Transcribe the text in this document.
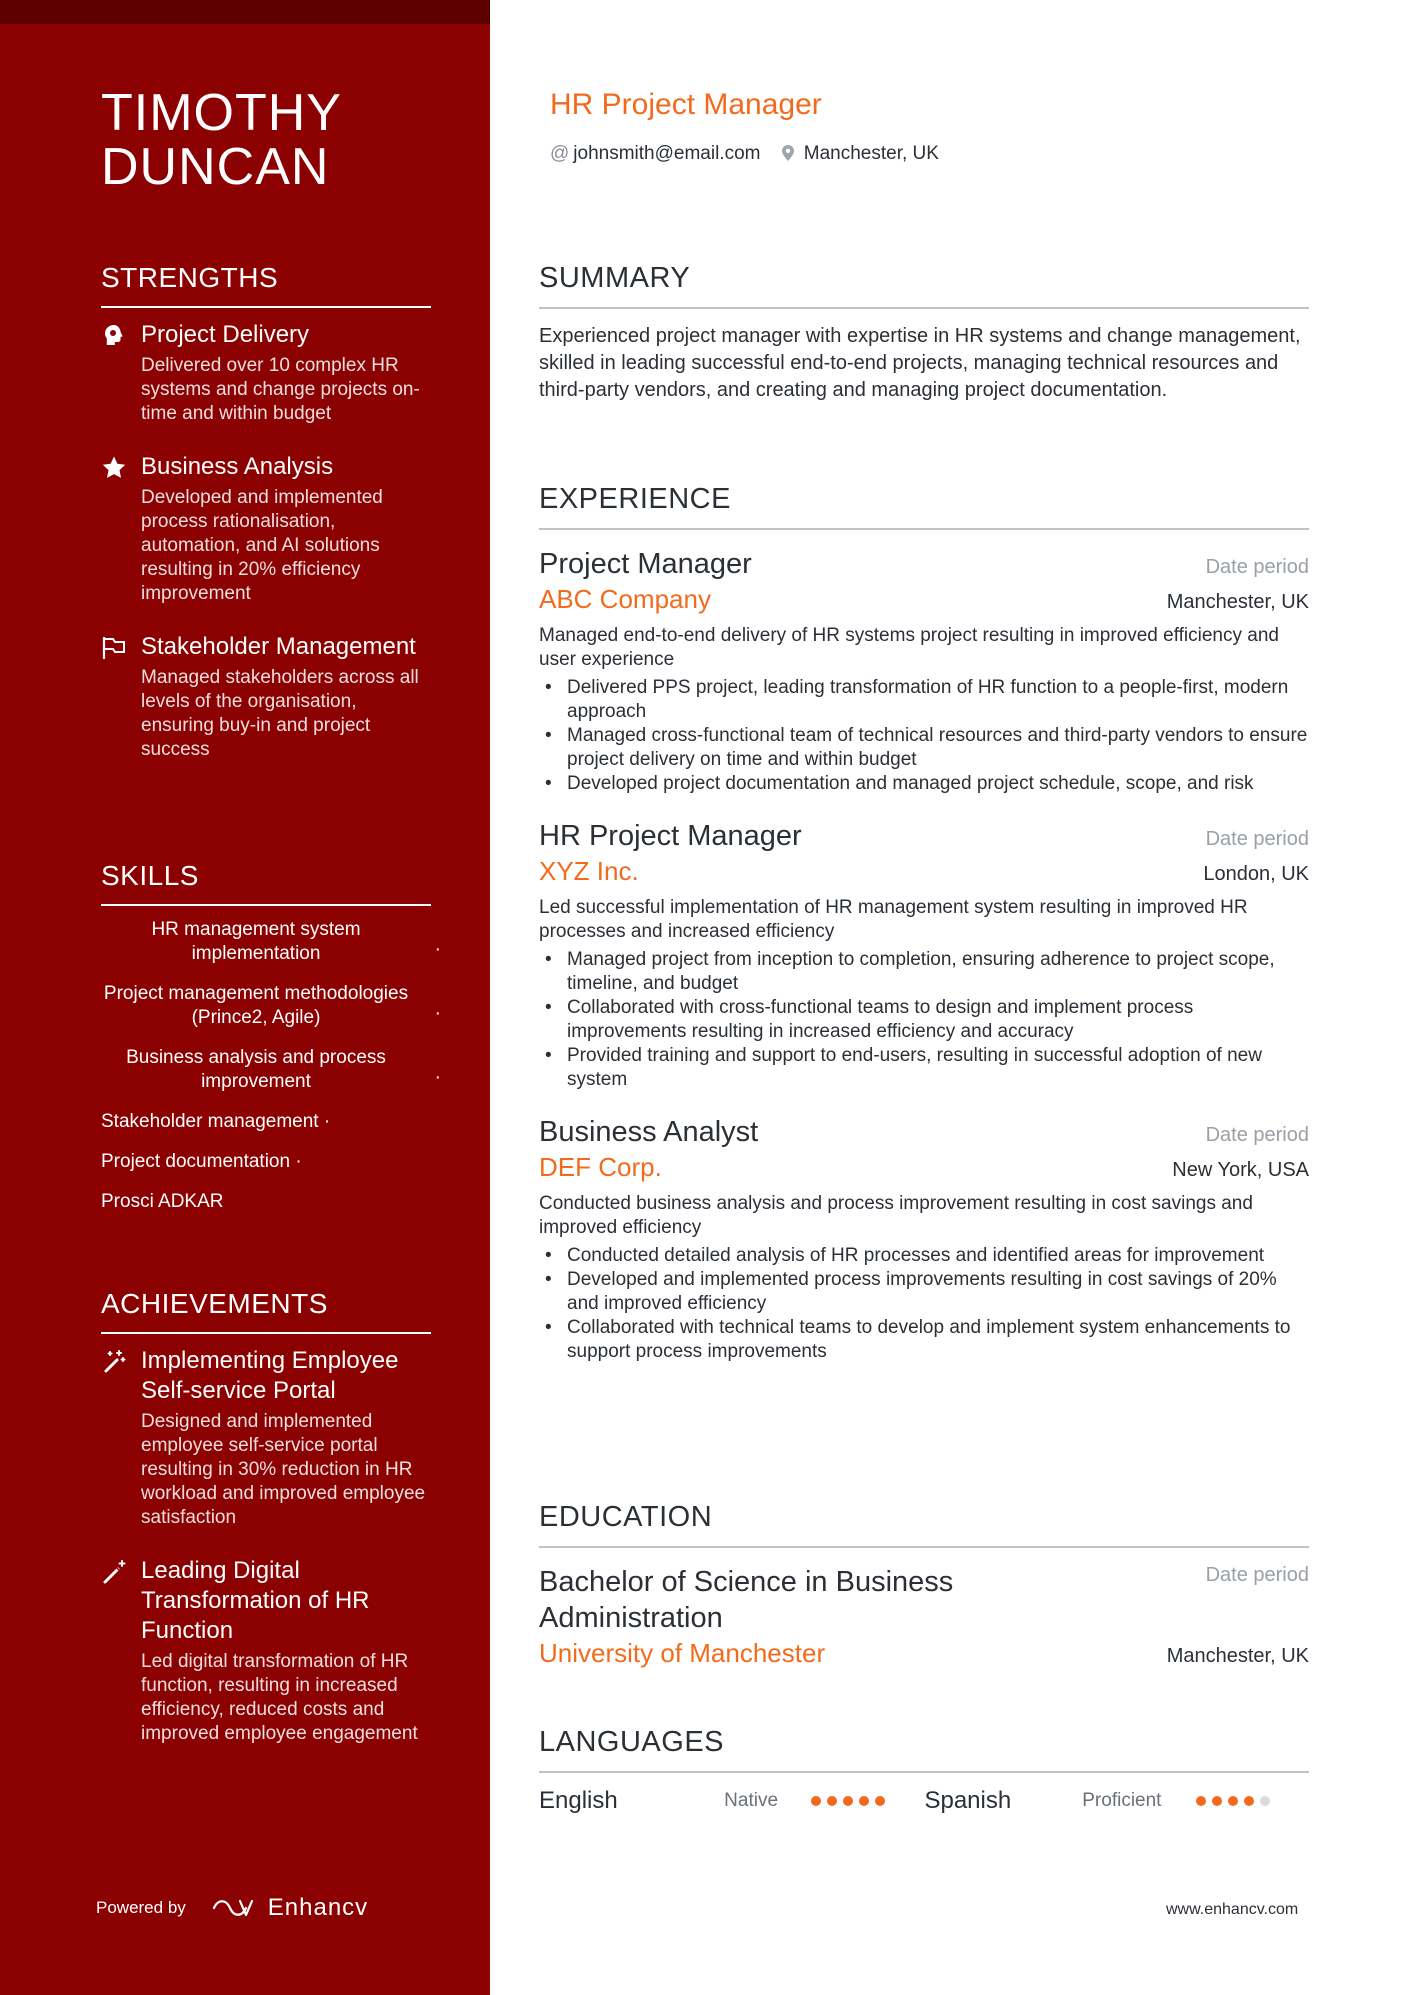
TIMOTHY DUNCAN
STRENGTHS
Project Delivery
Delivered over 10 complex HR systems and change projects on-time and within budget
Business Analysis
Developed and implemented process rationalisation, automation, and AI solutions resulting in 20% efficiency improvement
Stakeholder Management
Managed stakeholders across all levels of the organisation, ensuring buy-in and project success
SKILLS
HR management system implementation	·
Project management methodologies (Prince2, Agile)	·
Business analysis and process improvement	·
Stakeholder management ·
Project documentation ·
Prosci ADKAR
ACHIEVEMENTS
Implementing Employee Self-service Portal
Designed and implemented employee self-service portal resulting in 30% reduction in HR workload and improved employee satisfaction
Leading Digital Transformation of HR Function
Led digital transformation of HR function, resulting in increased efficiency, reduced costs and improved employee engagement
Powered by	Enhancv
HR Project Manager
@ johnsmith@email.com	Manchester, UK
SUMMARY

Experienced project manager with expertise in HR systems and change management, skilled in leading successful end-to-end projects, managing technical resources and third-party vendors, and creating and managing project documentation.

EXPERIENCE
Project Manager	Date period
ABC Company	Manchester, UK

Managed end-to-end delivery of HR systems project resulting in improved efficiency and user experience

• Delivered PPS project, leading transformation of HR function to a people-first, modern approach
• Managed cross-functional team of technical resources and third-party vendors to ensure project delivery on time and within budget
• Developed project documentation and managed project schedule, scope, and risk
HR Project Manager	Date period
XYZ Inc.	London, UK

Led successful implementation of HR management system resulting in improved HR processes and increased efficiency

• Managed project from inception to completion, ensuring adherence to project scope, timeline, and budget
• Collaborated with cross-functional teams to design and implement process improvements resulting in increased efficiency and accuracy
• Provided training and support to end-users, resulting in successful adoption of new system
Business Analyst	Date period
DEF Corp.	New York, USA

Conducted business analysis and process improvement resulting in cost savings and improved efficiency

• Conducted detailed analysis of HR processes and identified areas for improvement
• Developed and implemented process improvements resulting in cost savings of 20% and improved efficiency
• Collaborated with technical teams to develop and implement system enhancements to support process improvements
EDUCATION
Bachelor of Science in Business Administration
Date period
University of Manchester	Manchester, UK
LANGUAGES
English	Native	Spanish	Proficient
www.enhancv.com
